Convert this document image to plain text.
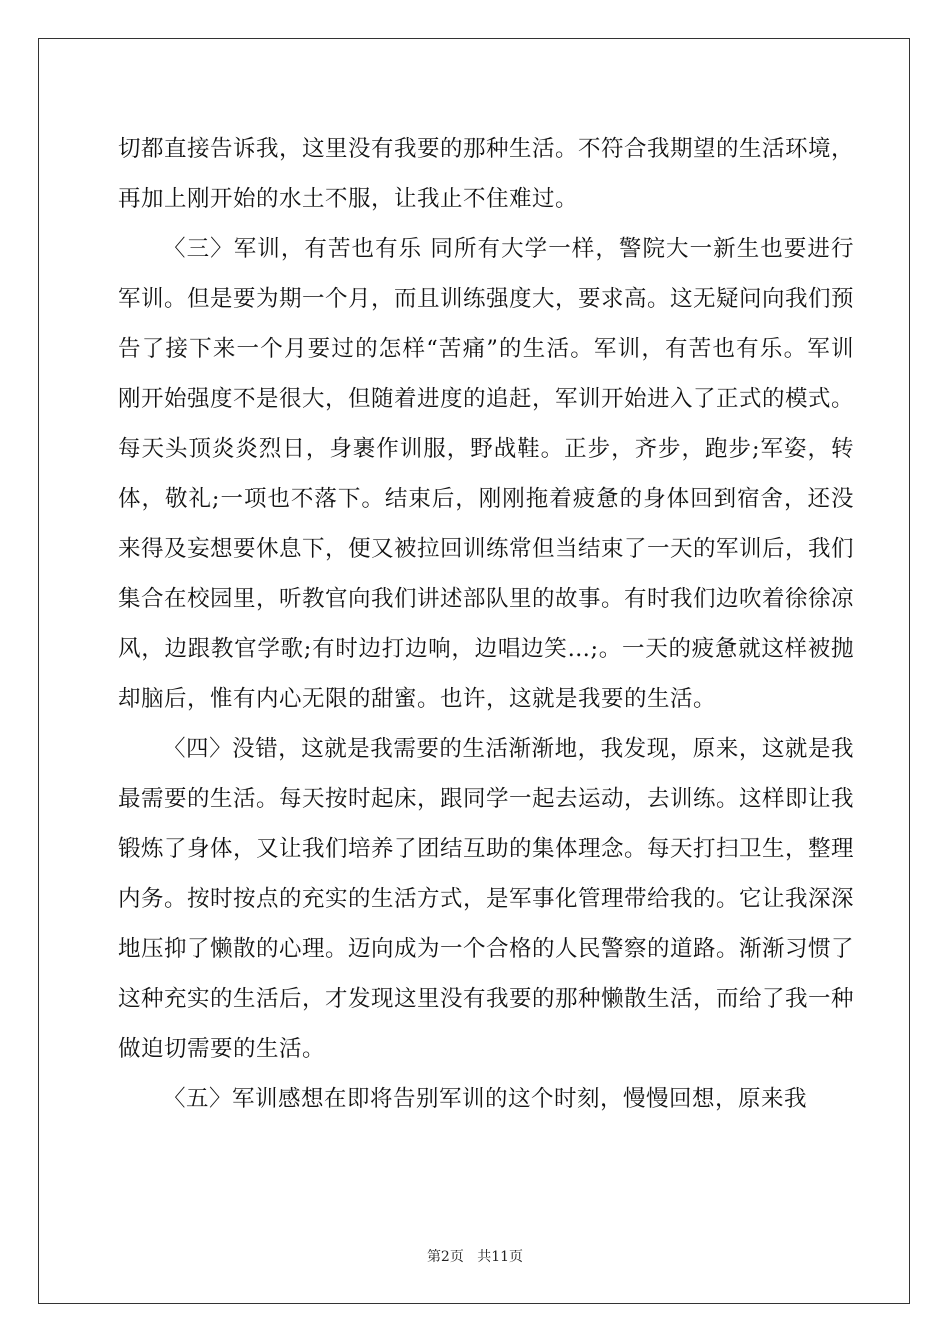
切都直接告诉我，这里没有我要的那种生活。不符合我期望的生活环境，再加上刚开始的水土不服，让我止不住难过。

〈三〉军训，有苦也有乐 同所有大学一样，警院大一新生也要进行军训。但是要为期一个月，而且训练强度大，要求高。这无疑问向我们预告了接下来一个月要过的怎样“苦痛”的生活。军训，有苦也有乐。军训刚开始强度不是很大，但随着进度的追赶，军训开始进入了正式的模式。每天头顶炎炎烈日，身裹作训服，野战鞋。正步，齐步，跑步;军姿，转体，敬礼;一项也不落下。结束后，刚刚拖着疲惫的身体回到宿舍，还没来得及妄想要休息下，便又被拉回训练常但当结束了一天的军训后，我们集合在校园里，听教官向我们讲述部队里的故事。有时我们边吹着徐徐凉风，边跟教官学歌;有时边打边响，边唱边笑…;。一天的疲惫就这样被抛却脑后，惟有内心无限的甜蜜。也许，这就是我要的生活。

〈四〉没错，这就是我需要的生活渐渐地，我发现，原来，这就是我最需要的生活。每天按时起床，跟同学一起去运动，去训练。这样即让我锻炼了身体，又让我们培养了团结互助的集体理念。每天打扫卫生，整理内务。按时按点的充实的生活方式，是军事化管理带给我的。它让我深深地压抑了懒散的心理。迈向成为一个合格的人民警察的道路。渐渐习惯了这种充实的生活后，才发现这里没有我要的那种懒散生活，而给了我一种做迫切需要的生活。

〈五〉军训感想在即将告别军训的这个时刻，慢慢回想，原来我

第2页 共11页
